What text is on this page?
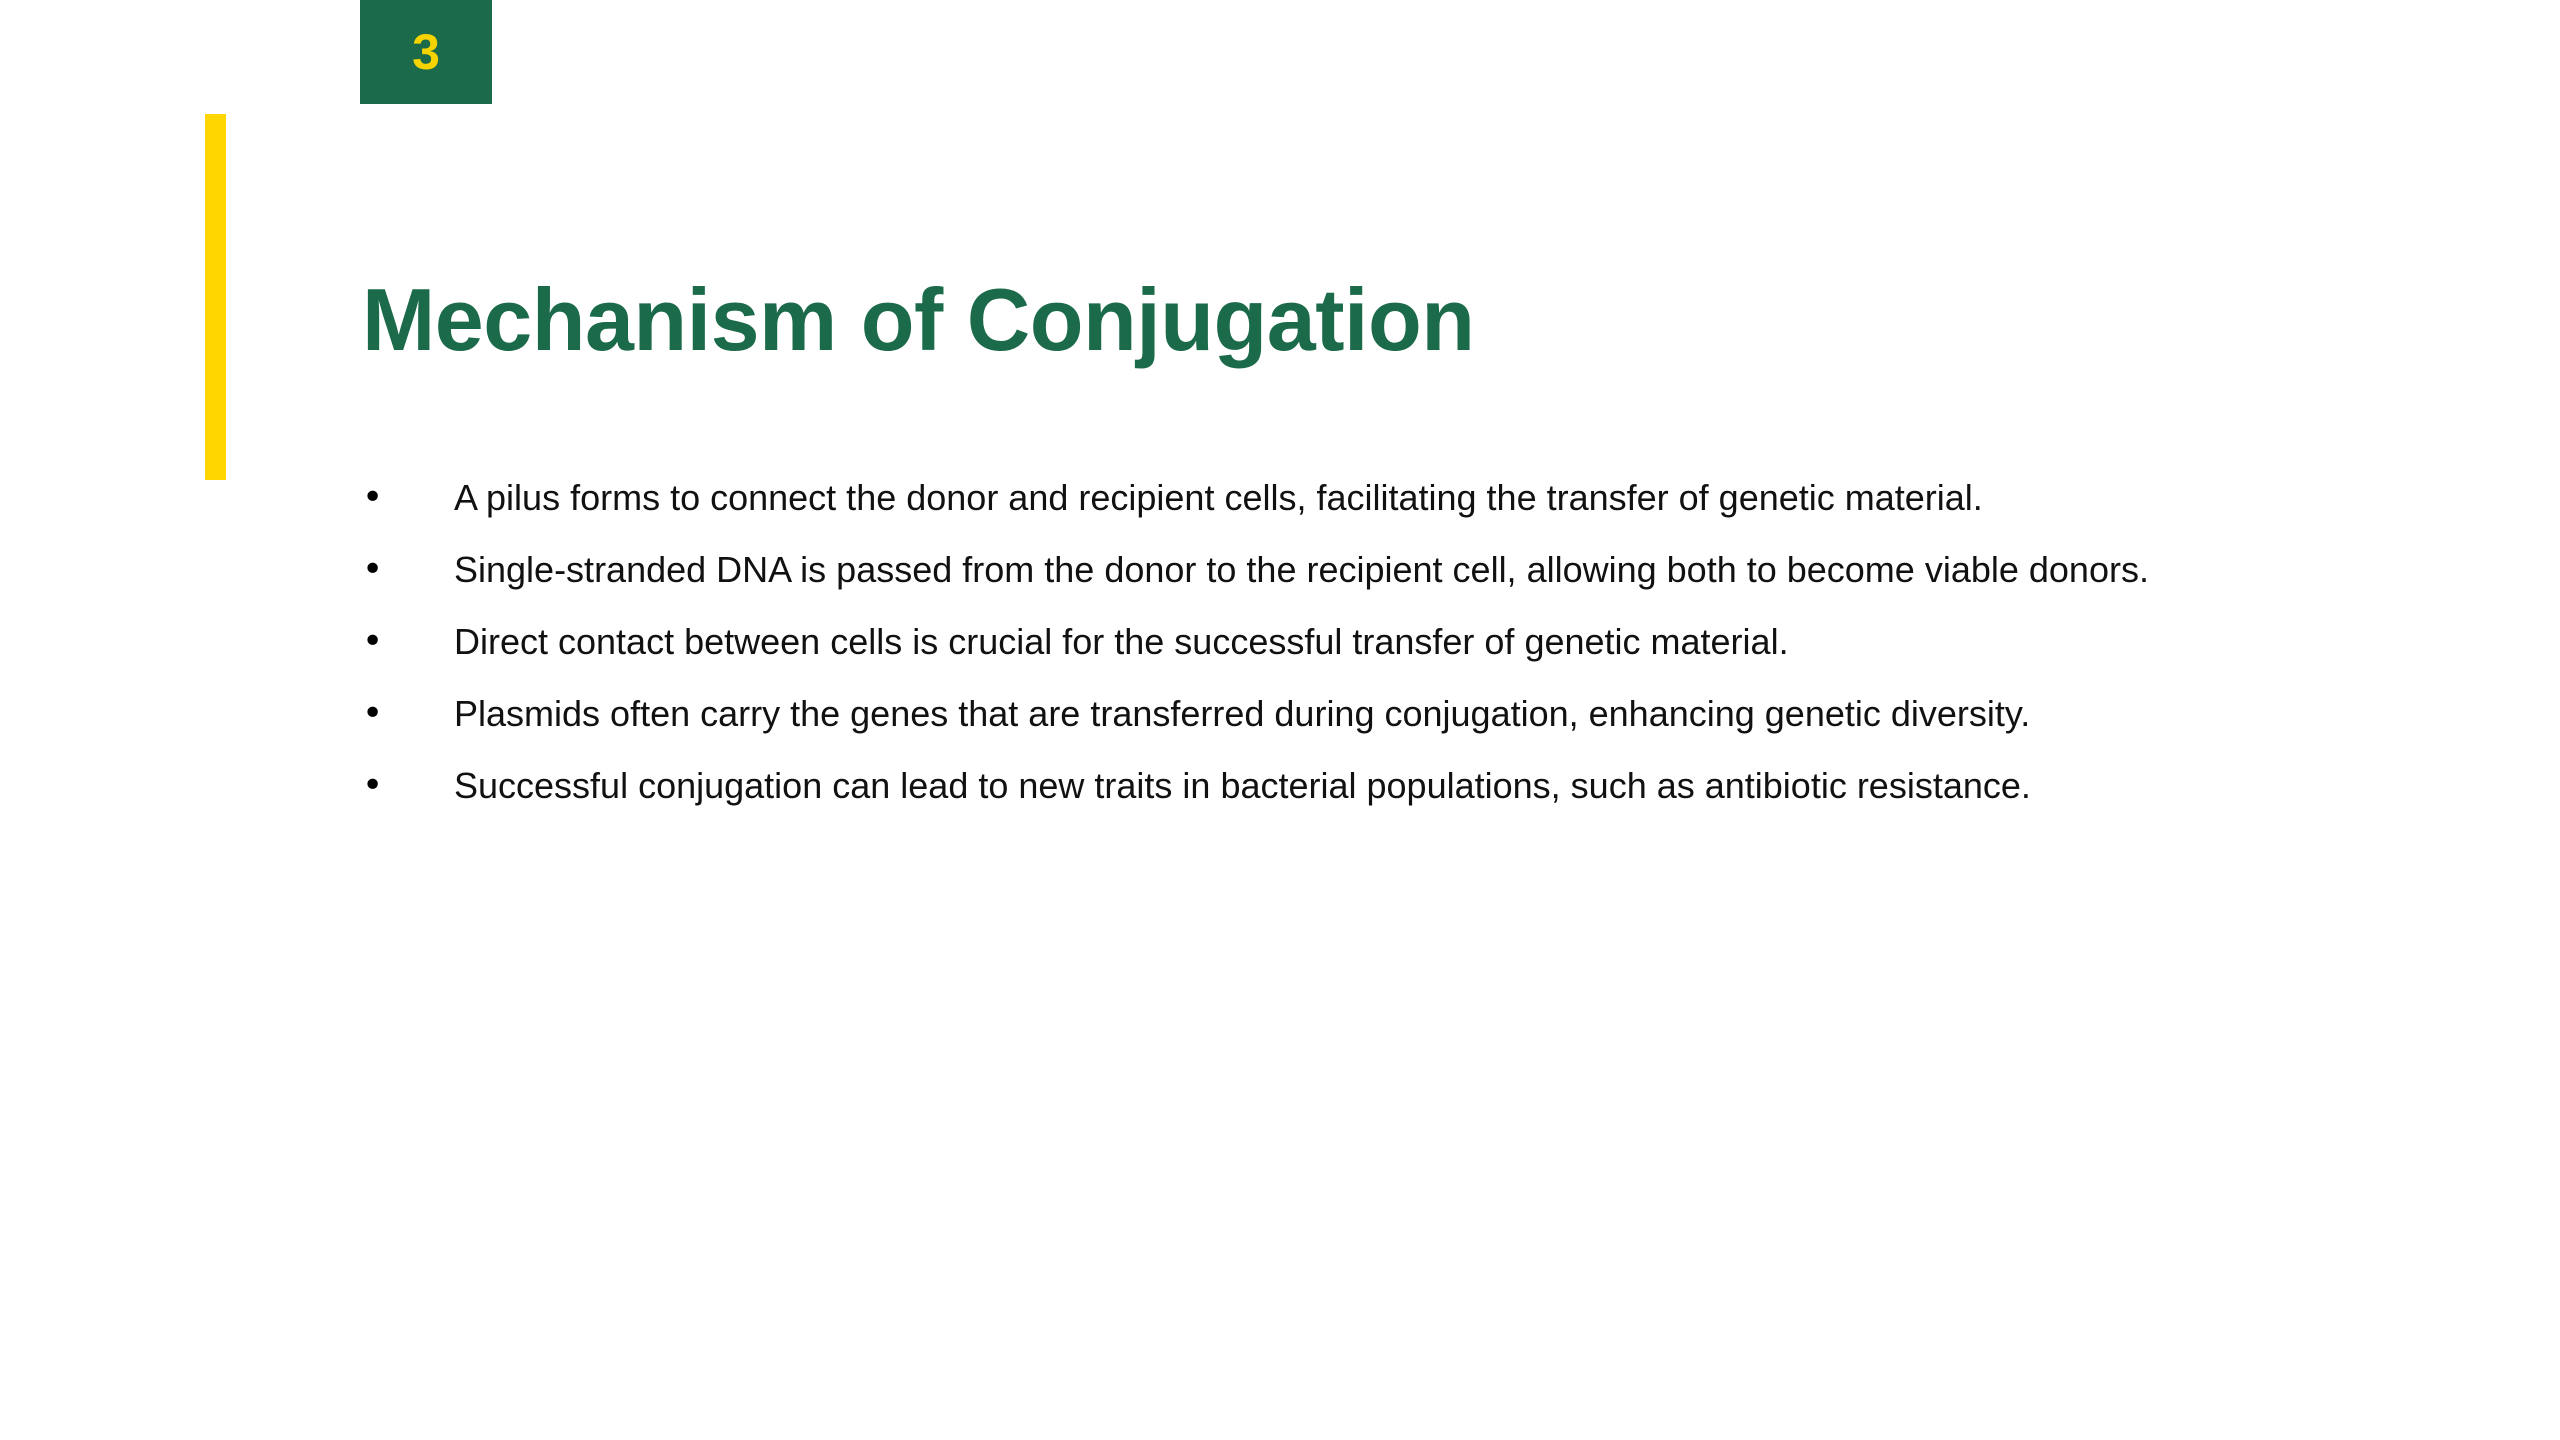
3
Mechanism of Conjugation
•	A pilus forms to connect the donor and recipient cells, facilitating the transfer of genetic material.
•	Single-stranded DNA is passed from the donor to the recipient cell, allowing both to become viable donors.
•	Direct contact between cells is crucial for the successful transfer of genetic material.
•	Plasmids often carry the genes that are transferred during conjugation, enhancing genetic diversity.
•	Successful conjugation can lead to new traits in bacterial populations, such as antibiotic resistance.
